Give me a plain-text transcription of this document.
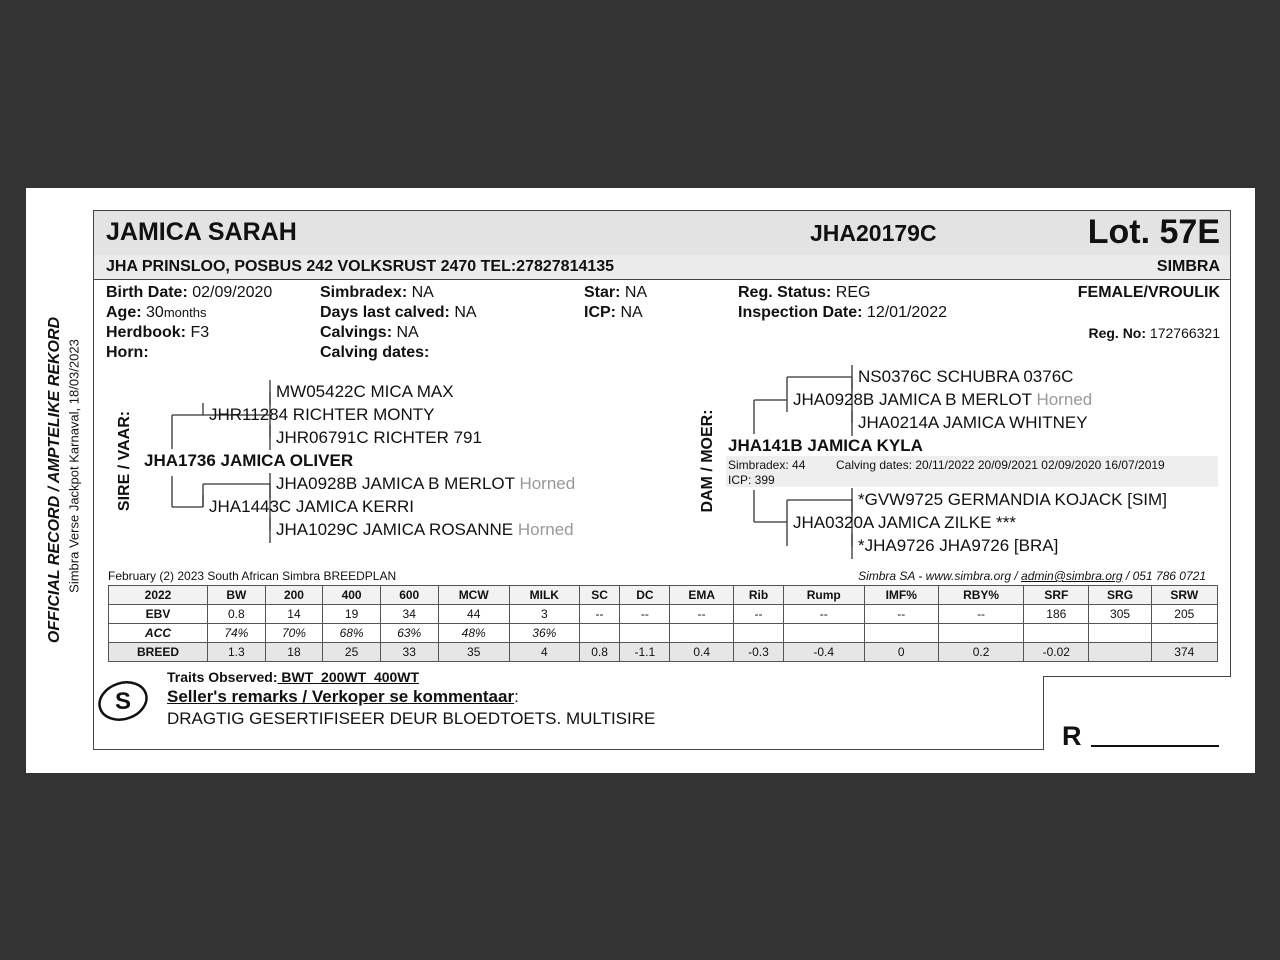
OFFICIAL RECORD / AMPTELIKE REKORD Simbra Verse Jackpot Karnaval, 18/03/2023
JAMICA SARAH	JHA20179C	Lot. 57E
JHA PRINSLOO, POSBUS 242 VOLKSRUST 2470 TEL:27827814135	SIMBRA
Birth Date: 02/09/2020
Age: 30months
Herdbook: F3
Horn:
Simbradex: NA
Days last calved: NA
Calvings: NA
Calving dates:
Star: NA
ICP: NA
Reg. Status: REG
Inspection Date: 12/01/2022
FEMALE/VROULIK
Reg. No: 172766321
SIRE / VAAR:
MW05422C MICA MAX
JHR11284 RICHTER MONTY
JHR06791C RICHTER 791
JHA1736 JAMICA OLIVER
JHA0928B JAMICA B MERLOT Horned
JHA1443C JAMICA KERRI
JHA1029C JAMICA ROSANNE Horned
DAM / MOER:
NS0376C SCHUBRA 0376C
JHA0928B JAMICA B MERLOT Horned
JHA0214A JAMICA WHITNEY
JHA141B JAMICA KYLA
Simbradex: 44	Calving dates: 20/11/2022 20/09/2021 02/09/2020 16/07/2019
ICP: 399
*GVW9725 GERMANDIA KOJACK [SIM]
JHA0320A JAMICA ZILKE ***
*JHA9726 JHA9726 [BRA]
February (2) 2023 South African Simbra BREEDPLAN	Simbra SA - www.simbra.org / admin@simbra.org / 051 786 0721
2022	BW	200	400	600	MCW	MILK	SC	DC	EMA	Rib	Rump	IMF%	RBY%	SRF	SRG	SRW
EBV	0.8	14	19	34	44	3	--	--	--	--	--	--	--	186	305	205
ACC	74%	70%	68%	63%	48%	36%										
BREED	1.3	18	25	33	35	4	0.8	-1.1	0.4	-0.3	-0.4	0	0.2	-0.02		374
S
Traits Observed: BWT  200WT  400WT
Seller's remarks / Verkoper se kommentaar:
DRAGTIG GESERTIFISEER DEUR BLOEDTOETS. MULTISIRE
R
